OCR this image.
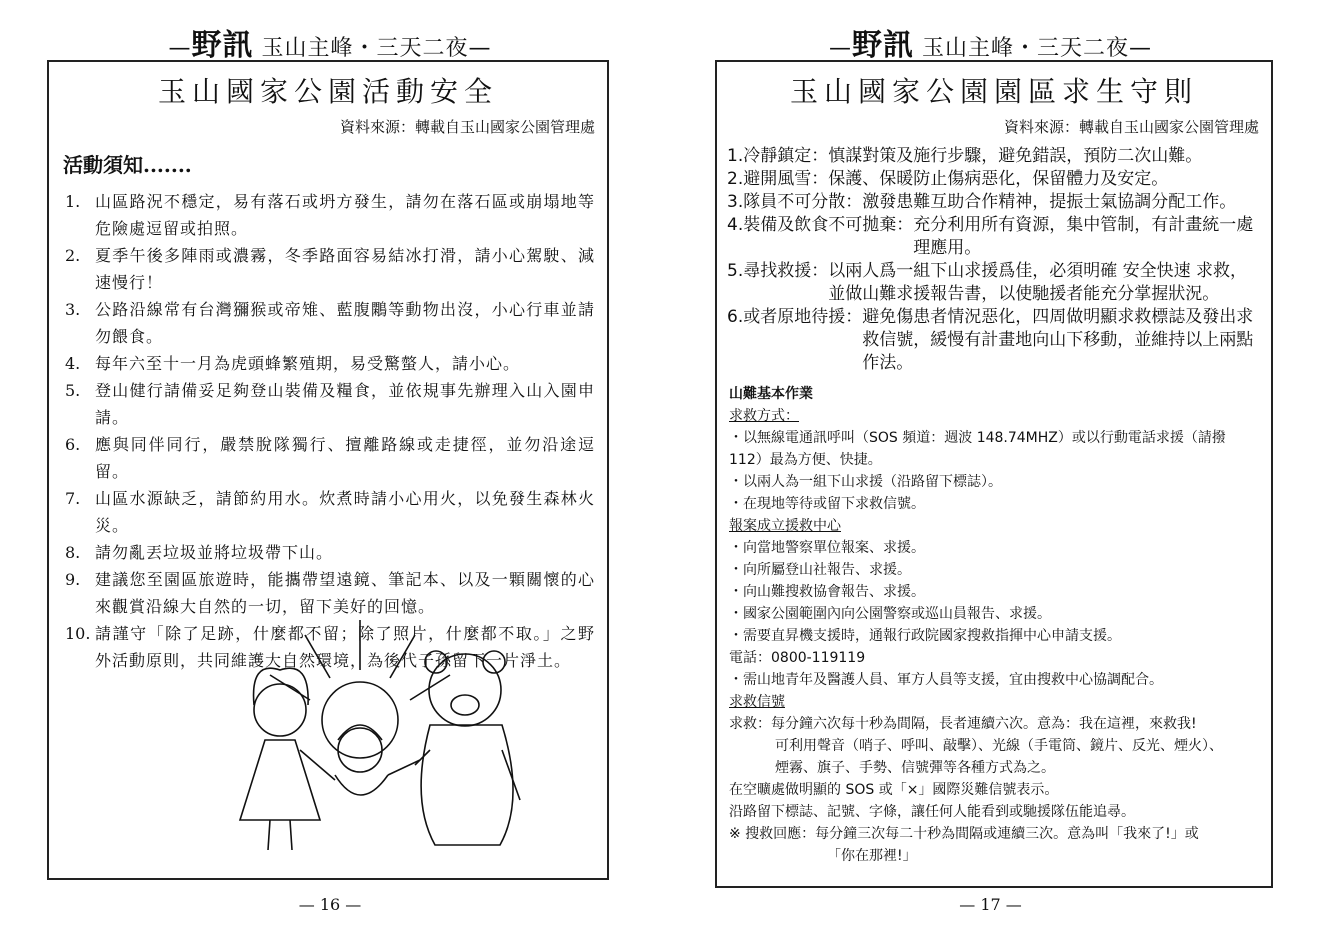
—野訊 玉山主峰・三天二夜—
玉山國家公園活動安全
資料來源：轉載自玉山國家公園管理處
活動須知.......
1. 山區路況不穩定，易有落石或坍方發生，請勿在落石區或崩塌地等危險處逗留或拍照。
2. 夏季午後多陣雨或濃霧，冬季路面容易結冰打滑，請小心駕駛、減速慢行！
3. 公路沿線常有台灣獼猴或帝雉、藍腹鷴等動物出沒，小心行車並請勿餵食。
4. 每年六至十一月為虎頭蜂繁殖期，易受驚螫人，請小心。
5. 登山健行請備妥足夠登山裝備及糧食，並依規事先辦理入山入園申請。
6. 應與同伴同行，嚴禁脫隊獨行、擅離路線或走捷徑，並勿沿途逗留。
7. 山區水源缺乏，請節約用水。炊煮時請小心用火，以免發生森林火災。
8. 請勿亂丟垃圾並將垃圾帶下山。
9. 建議您至園區旅遊時，能攜帶望遠鏡、筆記本、以及一顆關懷的心來觀賞沿線大自然的一切，留下美好的回憶。
10. 請謹守「除了足跡，什麼都不留；除了照片，什麼都不取。」之野外活動原則，共同維護大自然環境，為後代子孫留下一片淨土。
— 16 —
—野訊 玉山主峰・三天二夜—
玉山國家公園園區求生守則
資料來源：轉載自玉山國家公園管理處
1.冷靜鎮定： 慎謀對策及施行步驟，避免錯誤，預防二次山難。
2.避開風雪： 保護、保暖防止傷病惡化，保留體力及安定。
3.隊員不可分散： 激發患難互助合作精神，提振士氣協調分配工作。
4.裝備及飲食不可拋棄： 充分利用所有資源，集中管制，有計畫統一處理應用。
5.尋找救援： 以兩人爲一組下山求援爲佳，必須明確 安全快速 求救，並做山難求援報告書，以使馳援者能充分掌握狀況。
6.或者原地待援： 避免傷患者情況惡化，四周做明顯求救標誌及發出求救信號，緩慢有計畫地向山下移動，並維持以上兩點作法。
山難基本作業
求救方式：
・以無線電通訊呼叫（SOS 頻道：週波 148.74MHZ）或以行動電話求援（請撥 112）最為方便、快捷。
・以兩人為一組下山求援（沿路留下標誌）。
・在現地等待或留下求救信號。
報案成立援救中心
・向當地警察單位報案、求援。
・向所屬登山社報告、求援。
・向山難搜救協會報告、求援。
・國家公園範圍內向公園警察或巡山員報告、求援。
・需要直昇機支援時，通報行政院國家搜救指揮中心申請支援。
電話：0800-119119
・需山地青年及醫護人員、軍方人員等支援，宜由搜救中心協調配合。
求救信號
求救：每分鐘六次每十秒為間隔，長者連續六次。意為：我在這裡，來救我!
可利用聲音（哨子、呼叫、敲擊）、光線（手電筒、鏡片、反光、煙火）、
煙霧、旗子、手勢、信號彈等各種方式為之。
在空曠處做明顯的 SOS 或「×」國際災難信號表示。
沿路留下標誌、記號、字條，讓任何人能看到或馳援隊伍能追尋。
※ 搜救回應：每分鐘三次每二十秒為間隔或連續三次。意為叫「我來了!」或
「你在那裡!」
— 17 —
